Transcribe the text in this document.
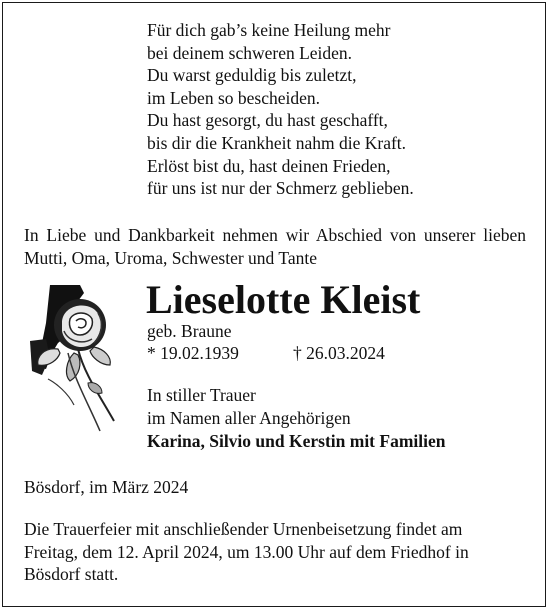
Für dich gab’s keine Heilung mehr
bei deinem schweren Leiden.
Du warst geduldig bis zuletzt,
im Leben so bescheiden.
Du hast gesorgt, du hast geschafft,
bis dir die Krankheit nahm die Kraft.
Erlöst bist du, hast deinen Frieden,
für uns ist nur der Schmerz geblieben.
In Liebe und Dankbarkeit nehmen wir Abschied von unserer lieben Mutti, Oma, Uroma, Schwester und Tante
Lieselotte Kleist
geb. Braune
* 19.02.1939	† 26.03.2024
In stiller Trauer
im Namen aller Angehörigen
Karina, Silvio und Kerstin mit Familien
Bösdorf, im März 2024
Die Trauerfeier mit anschließender Urnenbeisetzung findet am
Freitag, dem 12. April 2024, um 13.00 Uhr auf dem Friedhof in
Bösdorf statt.
